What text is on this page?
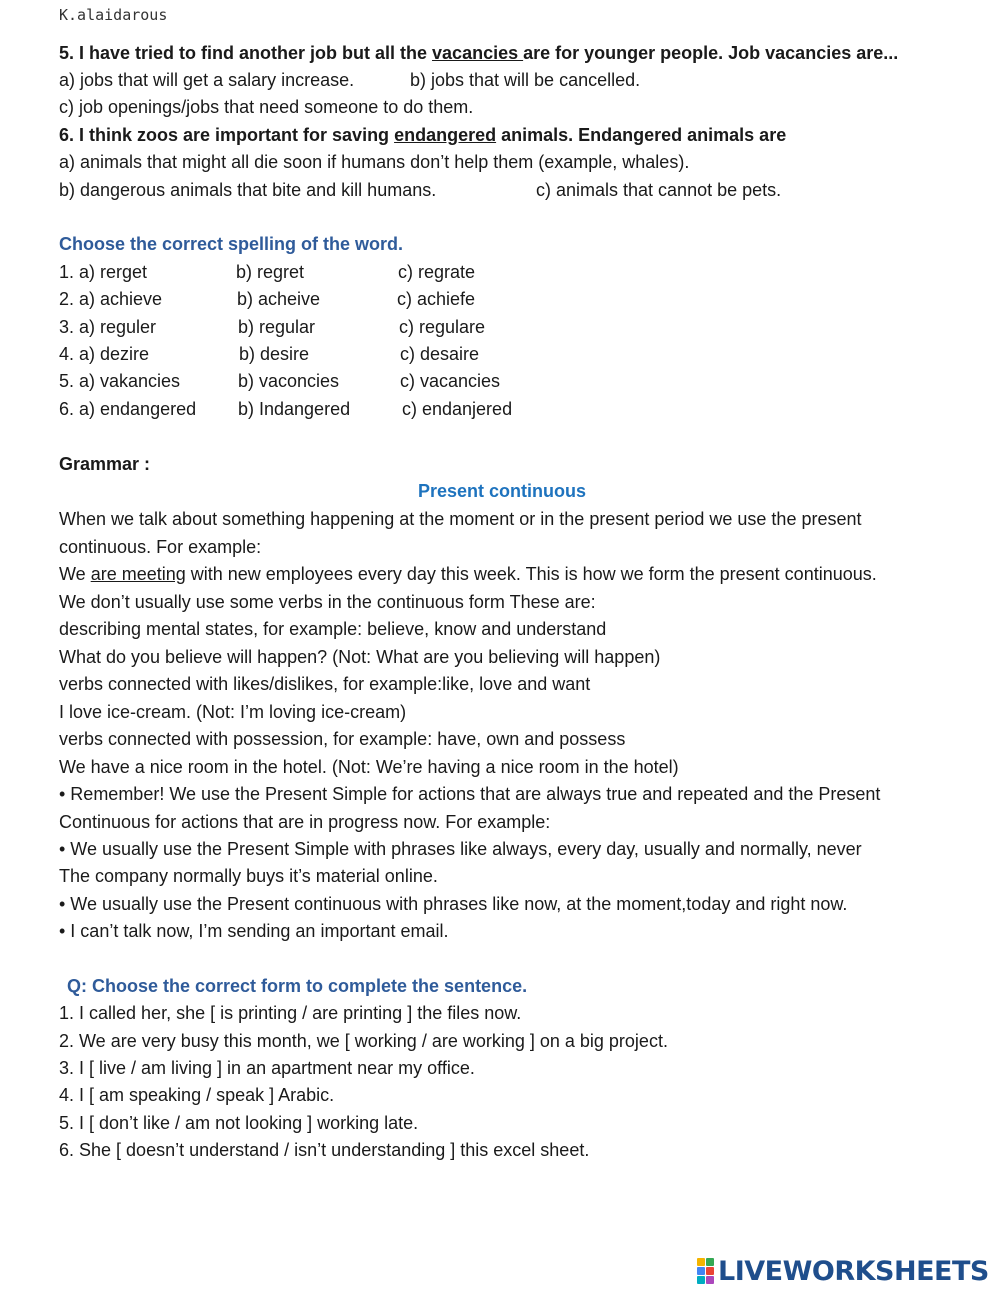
K.alaidarous
5. I have tried to find another job but all the vacancies are for younger people. Job vacancies are...
a) jobs that will get a salary increase.	b) jobs that will be cancelled.
c) job openings/jobs that need someone to do them.
6. I think zoos are important for saving endangered animals. Endangered animals are
a) animals that might all die soon if humans don’t help them (example, whales).
b) dangerous animals that bite and kill humans.	c) animals that cannot be pets.
Choose the correct spelling of the word.
1. a) rerget	b) regret	c) regrate
2. a) achieve	b) acheive	c) achiefe
3. a) reguler	b) regular	c) regulare
4. a) dezire	b) desire	c) desaire
5. a) vakancies	b) vaconcies	c) vacancies
6. a) endangered b) Indangered	c) endanjered
Grammar :
Present continuous
When we talk about something happening at the moment or in the present period we use the present
continuous. For example:
We are meeting with new employees every day this week. This is how we form the present continuous.
We don’t usually use some verbs in the continuous form These are:
describing mental states, for example: believe, know and understand
What do you believe will happen? (Not: What are you believing will happen)
verbs connected with likes/dislikes, for example:like, love and want
I love ice-cream. (Not: I’m loving ice-cream)
verbs connected with possession, for example: have, own and possess
We have a nice room in the hotel. (Not: We’re having a nice room in the hotel)
• Remember! We use the Present Simple for actions that are always true and repeated and the Present
Continuous for actions that are in progress now. For example:
• We usually use the Present Simple with phrases like always, every day, usually and normally, never
The company normally buys it’s material online.
• We usually use the Present continuous with phrases like now, at the moment,today and right now.
• I can’t talk now, I’m sending an important email.
Q: Choose the correct form to complete the sentence.
1. I called her, she [ is printing / are printing ] the files now.
2. We are very busy this month, we [ working / are working ] on a big project.
3. I [ live / am living ] in an apartment near my office.
4. I [ am speaking / speak ] Arabic.
5. I [ don’t like / am not looking ] working late.
6. She [ doesn’t understand / isn’t understanding ] this excel sheet.
LIVEWORKSHEETS
